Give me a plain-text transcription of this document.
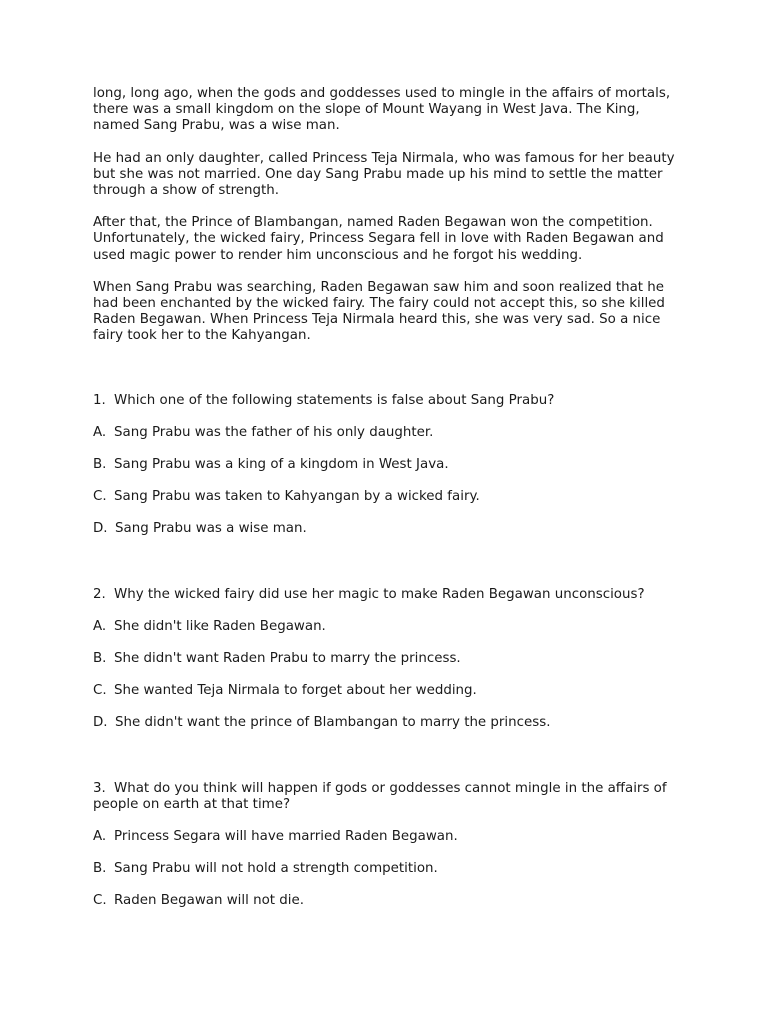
long, long ago, when the gods and goddesses used to mingle in the affairs of mortals, there was a small kingdom on the slope of Mount Wayang in West Java. The King, named Sang Prabu, was a wise man.

He had an only daughter, called Princess Teja Nirmala, who was famous for her beauty but she was not married. One day Sang Prabu made up his mind to settle the matter through a show of strength.

After that, the Prince of Blambangan, named Raden Begawan won the competition. Unfortunately, the wicked fairy, Princess Segara fell in love with Raden Begawan and used magic power to render him unconscious and he forgot his wedding.

When Sang Prabu was searching, Raden Begawan saw him and soon realized that he had been enchanted by the wicked fairy. The fairy could not accept this, so she killed Raden Begawan. When Princess Teja Nirmala heard this, she was very sad. So a nice fairy took her to the Kahyangan.

1. Which one of the following statements is false about Sang Prabu?

A. Sang Prabu was the father of his only daughter.

B. Sang Prabu was a king of a kingdom in West Java.

C. Sang Prabu was taken to Kahyangan by a wicked fairy.

D. Sang Prabu was a wise man.

2. Why the wicked fairy did use her magic to make Raden Begawan unconscious?

A. She didn't like Raden Begawan.

B. She didn't want Raden Prabu to marry the princess.

C. She wanted Teja Nirmala to forget about her wedding.

D. She didn't want the prince of Blambangan to marry the princess.

3. What do you think will happen if gods or goddesses cannot mingle in the affairs of people on earth at that time?

A. Princess Segara will have married Raden Begawan.

B. Sang Prabu will not hold a strength competition.

C. Raden Begawan will not die.
